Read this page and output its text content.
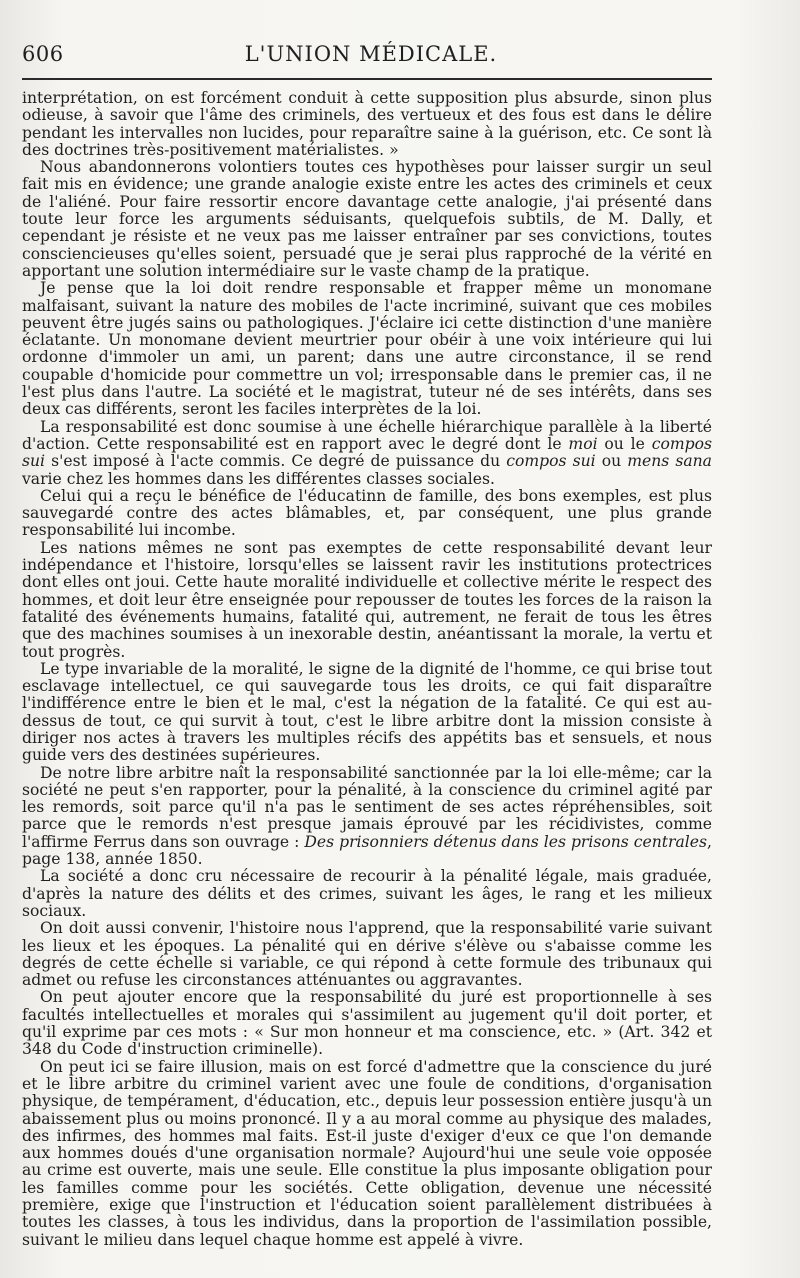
606	L'UNION MÉDICALE.

interprétation, on est forcément conduit à cette supposition plus absurde, sinon plus odieuse, à savoir que l'âme des criminels, des vertueux et des fous est dans le délire pendant les intervalles non lucides, pour reparaître saine à la guérison, etc. Ce sont là des doctrines très-positivement matérialistes. »

Nous abandonnerons volontiers toutes ces hypothèses pour laisser surgir un seul fait mis en évidence; une grande analogie existe entre les actes des criminels et ceux de l'aliéné. Pour faire ressortir encore davantage cette analogie, j'ai présenté dans toute leur force les arguments séduisants, quelquefois subtils, de M. Dally, et cependant je résiste et ne veux pas me laisser entraîner par ses convictions, toutes consciencieuses qu'elles soient, persuadé que je serai plus rapproché de la vérité en apportant une solution intermédiaire sur le vaste champ de la pratique.

Je pense que la loi doit rendre responsable et frapper même un monomane malfaisant, suivant la nature des mobiles de l'acte incriminé, suivant que ces mobiles peuvent être jugés sains ou pathologiques. J'éclaire ici cette distinction d'une manière éclatante. Un monomane devient meurtrier pour obéir à une voix intérieure qui lui ordonne d'immoler un ami, un parent; dans une autre circonstance, il se rend coupable d'homicide pour commettre un vol; irresponsable dans le premier cas, il ne l'est plus dans l'autre. La société et le magistrat, tuteur né de ses intérêts, dans ses deux cas différents, seront les faciles interprètes de la loi.

La responsabilité est donc soumise à une échelle hiérarchique parallèle à la liberté d'action. Cette responsabilité est en rapport avec le degré dont le moi ou le compos sui s'est imposé à l'acte commis. Ce degré de puissance du compos sui ou mens sana varie chez les hommes dans les différentes classes sociales.

Celui qui a reçu le bénéfice de l'éducatinn de famille, des bons exemples, est plus sauvegardé contre des actes blâmables, et, par conséquent, une plus grande responsabilité lui incombe.

Les nations mêmes ne sont pas exemptes de cette responsabilité devant leur indépendance et l'histoire, lorsqu'elles se laissent ravir les institutions protectrices dont elles ont joui. Cette haute moralité individuelle et collective mérite le respect des hommes, et doit leur être enseignée pour repousser de toutes les forces de la raison la fatalité des événements humains, fatalité qui, autrement, ne ferait de tous les êtres que des machines soumises à un inexorable destin, anéantissant la morale, la vertu et tout progrès.

Le type invariable de la moralité, le signe de la dignité de l'homme, ce qui brise tout esclavage intellectuel, ce qui sauvegarde tous les droits, ce qui fait disparaître l'indifférence entre le bien et le mal, c'est la négation de la fatalité. Ce qui est au-dessus de tout, ce qui survit à tout, c'est le libre arbitre dont la mission consiste à diriger nos actes à travers les multiples récifs des appétits bas et sensuels, et nous guide vers des destinées supérieures.

De notre libre arbitre naît la responsabilité sanctionnée par la loi elle-même; car la société ne peut s'en rapporter, pour la pénalité, à la conscience du criminel agité par les remords, soit parce qu'il n'a pas le sentiment de ses actes répréhensibles, soit parce que le remords n'est presque jamais éprouvé par les récidivistes, comme l'affirme Ferrus dans son ouvrage : Des prisonniers détenus dans les prisons centrales, page 138, année 1850.

La société a donc cru nécessaire de recourir à la pénalité légale, mais graduée, d'après la nature des délits et des crimes, suivant les âges, le rang et les milieux sociaux.

On doit aussi convenir, l'histoire nous l'apprend, que la responsabilité varie suivant les lieux et les époques. La pénalité qui en dérive s'élève ou s'abaisse comme les degrés de cette échelle si variable, ce qui répond à cette formule des tribunaux qui admet ou refuse les circonstances atténuantes ou aggravantes.

On peut ajouter encore que la responsabilité du juré est proportionnelle à ses facultés intellectuelles et morales qui s'assimilent au jugement qu'il doit porter, et qu'il exprime par ces mots : « Sur mon honneur et ma conscience, etc. » (Art. 342 et 348 du Code d'instruction criminelle).

On peut ici se faire illusion, mais on est forcé d'admettre que la conscience du juré et le libre arbitre du criminel varient avec une foule de conditions, d'organisation physique, de tempérament, d'éducation, etc., depuis leur possession entière jusqu'à un abaissement plus ou moins prononcé. Il y a au moral comme au physique des malades, des infirmes, des hommes mal faits. Est-il juste d'exiger d'eux ce que l'on demande aux hommes doués d'une organisation normale? Aujourd'hui une seule voie opposée au crime est ouverte, mais une seule. Elle constitue la plus imposante obligation pour les familles comme pour les sociétés. Cette obligation, devenue une nécessité première, exige que l'instruction et l'éducation soient parallèlement distribuées à toutes les classes, à tous les individus, dans la proportion de l'assimilation possible, suivant le milieu dans lequel chaque homme est appelé à vivre.
